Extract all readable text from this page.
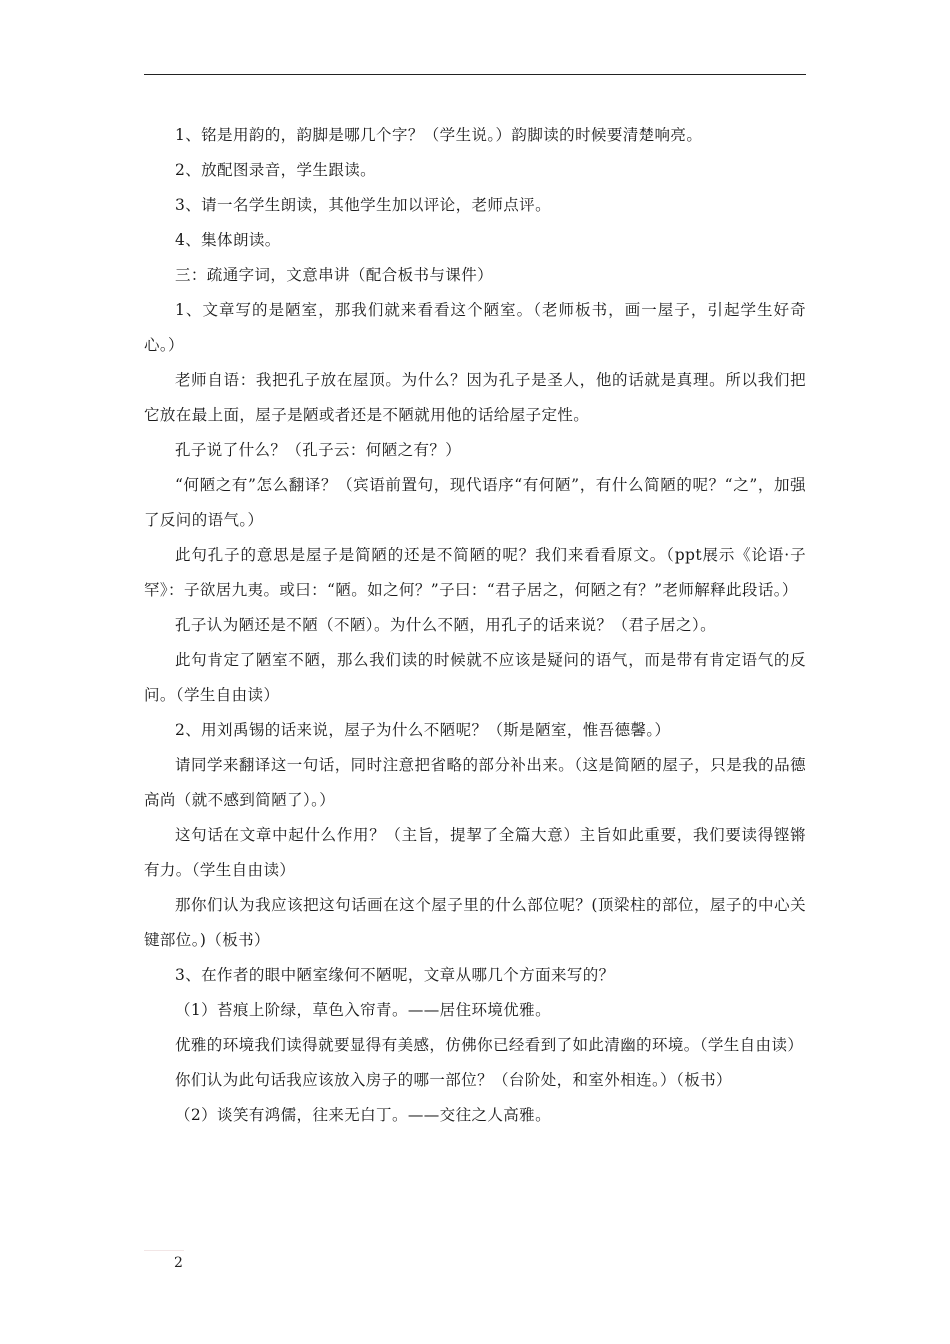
1、铭是用韵的，韵脚是哪几个字？（学生说。）韵脚读的时候要清楚响亮。

2、放配图录音，学生跟读。

3、请一名学生朗读，其他学生加以评论，老师点评。

4、集体朗读。

三：疏通字词，文意串讲（配合板书与课件）

1、文章写的是陋室，那我们就来看看这个陋室。（老师板书，画一屋子，引起学生好奇心。）

老师自语：我把孔子放在屋顶。为什么？因为孔子是圣人，他的话就是真理。所以我们把它放在最上面，屋子是陋或者还是不陋就用他的话给屋子定性。

孔子说了什么？（孔子云：何陋之有？）

“何陋之有”怎么翻译？（宾语前置句，现代语序“有何陋”，有什么简陋的呢？“之”，加强了反问的语气。）

此句孔子的意思是屋子是简陋的还是不简陋的呢？我们来看看原文。（ppt展示《论语·子罕》：子欲居九夷。或曰：“陋。如之何？”子曰：“君子居之，何陋之有？”老师解释此段话。）

孔子认为陋还是不陋（不陋）。为什么不陋，用孔子的话来说？（君子居之）。

此句肯定了陋室不陋，那么我们读的时候就不应该是疑问的语气，而是带有肯定语气的反问。（学生自由读）

2、用刘禹锡的话来说，屋子为什么不陋呢？（斯是陋室，惟吾德馨。）

请同学来翻译这一句话，同时注意把省略的部分补出来。（这是简陋的屋子，只是我的品德高尚（就不感到简陋了）。）

这句话在文章中起什么作用？（主旨，提挈了全篇大意）主旨如此重要，我们要读得铿锵有力。（学生自由读）

那你们认为我应该把这句话画在这个屋子里的什么部位呢？(顶梁柱的部位，屋子的中心关键部位。)（板书）

3、在作者的眼中陋室缘何不陋呢，文章从哪几个方面来写的？

（1）苔痕上阶绿，草色入帘青。——居住环境优雅。

优雅的环境我们读得就要显得有美感，仿佛你已经看到了如此清幽的环境。（学生自由读）

你们认为此句话我应该放入房子的哪一部位？（台阶处，和室外相连。）（板书）

（2）谈笑有鸿儒，往来无白丁。——交往之人高雅。

2
